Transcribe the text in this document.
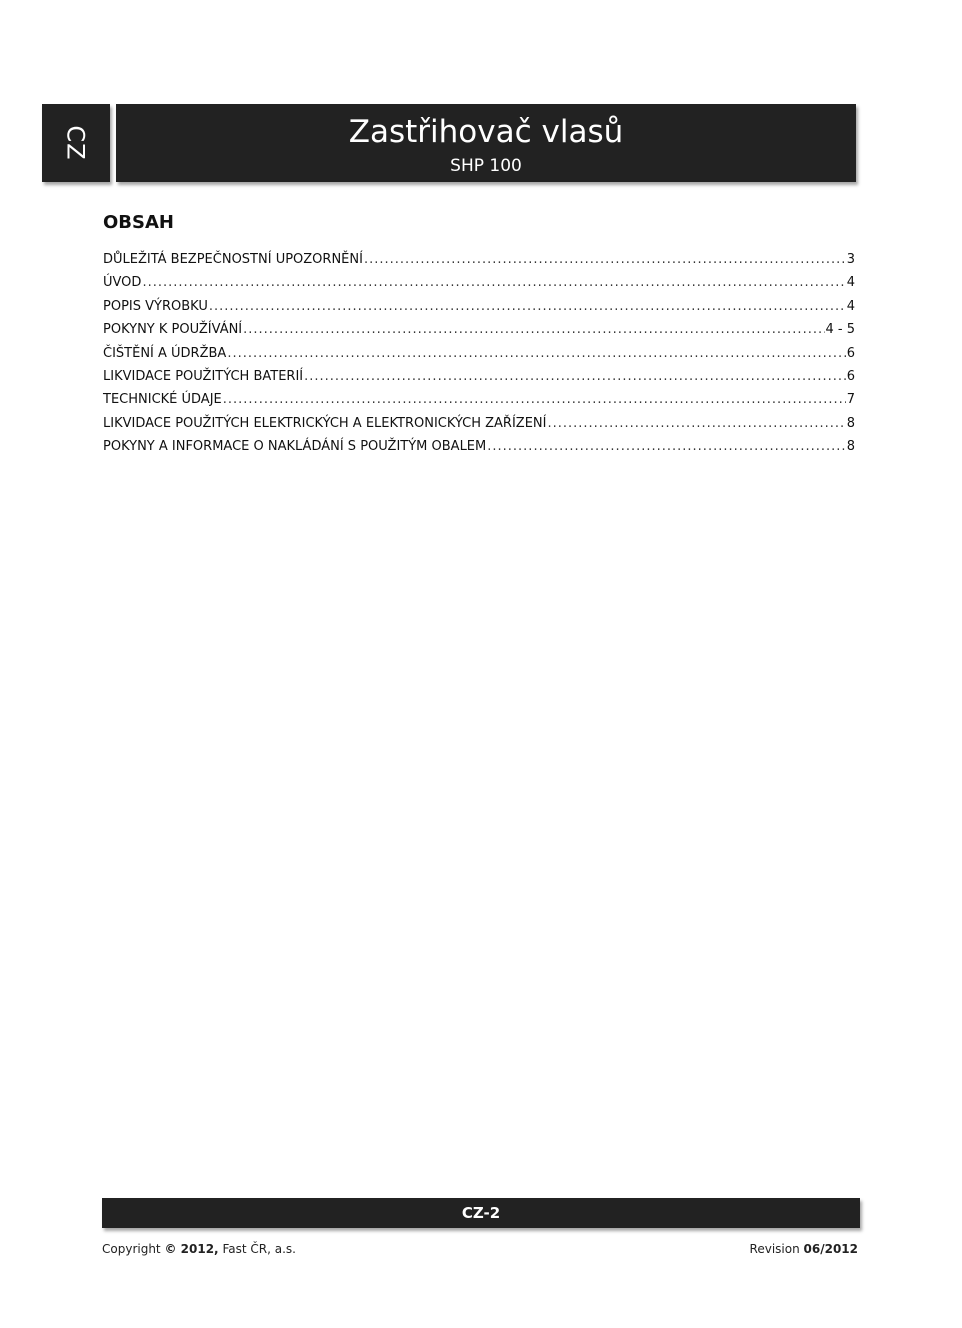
CZ	Zastřihovač vlasů
SHP 100
OBSAH
DŮLEŽITÁ BEZPEČNOSTNÍ UPOZORNĚNÍ .....	3
ÚVOD .....	4
POPIS VÝROBKU .....	4
POKYNY K POUŽÍVÁNÍ .....	4 - 5
ČIŠTĚNÍ A ÚDRŽBA .....	6
LIKVIDACE POUŽITÝCH BATERIÍ .....	6
TECHNICKÉ ÚDAJE .....	7
LIKVIDACE POUŽITÝCH ELEKTRICKÝCH A ELEKTRONICKÝCH ZAŘÍZENÍ .....	8
POKYNY A INFORMACE O NAKLÁDÁNÍ S POUŽITÝM OBALEM .....	8
CZ-2
Copyright © 2012, Fast ČR, a.s.	Revision 06/2012
